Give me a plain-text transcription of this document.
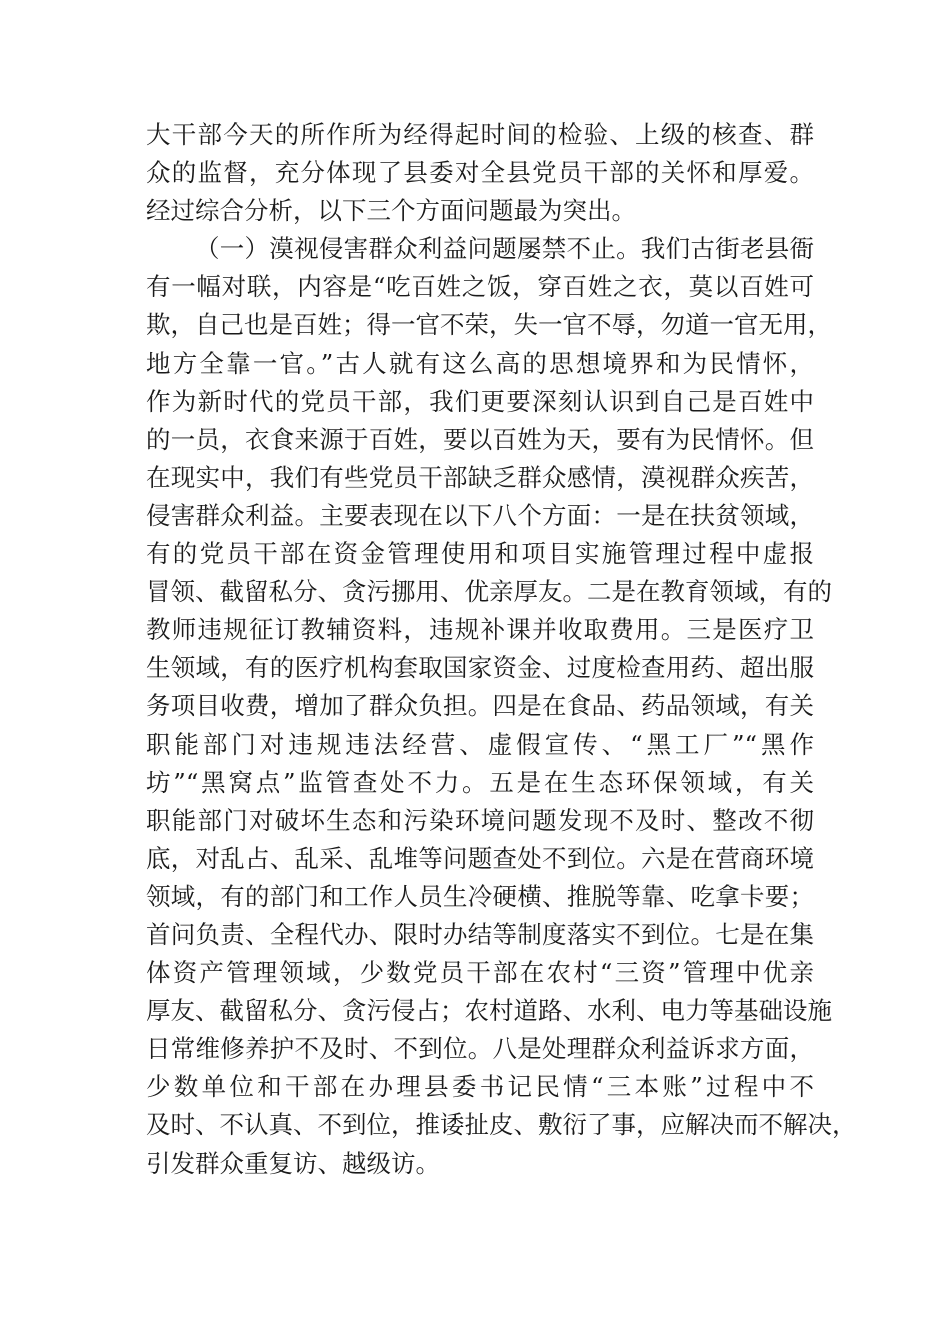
大干部今天的所作所为经得起时间的检验、上级的核查、群
众的监督，充分体现了县委对全县党员干部的关怀和厚爱。
经过综合分析，以下三个方面问题最为突出。
（一）漠视侵害群众利益问题屡禁不止。我们古街老县衙
有一幅对联，内容是“吃百姓之饭，穿百姓之衣，莫以百姓可
欺，自己也是百姓；得一官不荣，失一官不辱，勿道一官无用，
地方全靠一官。”古人就有这么高的思想境界和为民情怀，
作为新时代的党员干部，我们更要深刻认识到自己是百姓中
的一员，衣食来源于百姓，要以百姓为天，要有为民情怀。但
在现实中，我们有些党员干部缺乏群众感情，漠视群众疾苦，
侵害群众利益。主要表现在以下八个方面：一是在扶贫领域，
有的党员干部在资金管理使用和项目实施管理过程中虚报
冒领、截留私分、贪污挪用、优亲厚友。二是在教育领域，有的
教师违规征订教辅资料，违规补课并收取费用。三是医疗卫
生领域，有的医疗机构套取国家资金、过度检查用药、超出服
务项目收费，增加了群众负担。四是在食品、药品领域，有关
职能部门对违规违法经营、虚假宣传、“黑工厂”“黑作
坊”“黑窝点”监管查处不力。五是在生态环保领域，有关
职能部门对破坏生态和污染环境问题发现不及时、整改不彻
底，对乱占、乱采、乱堆等问题查处不到位。六是在营商环境
领域，有的部门和工作人员生冷硬横、推脱等靠、吃拿卡要；
首问负责、全程代办、限时办结等制度落实不到位。七是在集
体资产管理领域，少数党员干部在农村“三资”管理中优亲
厚友、截留私分、贪污侵占；农村道路、水利、电力等基础设施
日常维修养护不及时、不到位。八是处理群众利益诉求方面，
少数单位和干部在办理县委书记民情“三本账”过程中不
及时、不认真、不到位，推诿扯皮、敷衍了事，应解决而不解决，
引发群众重复访、越级访。
